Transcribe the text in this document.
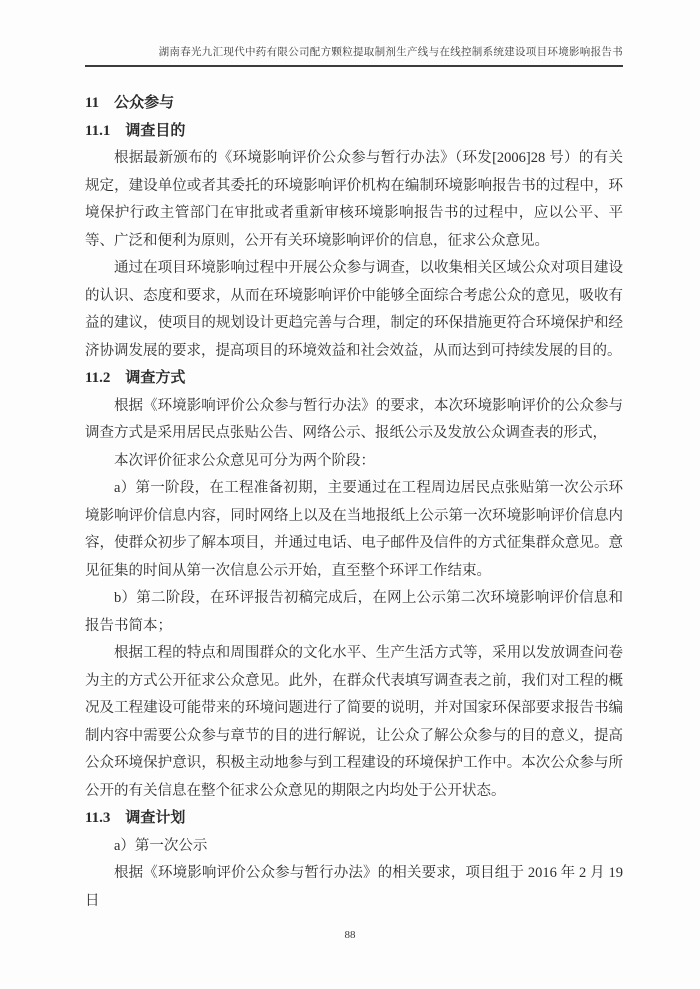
湖南春光九汇现代中药有限公司配方颗粒提取制剂生产线与在线控制系统建设项目环境影响报告书
11　公众参与
11.1　调查目的

根据最新颁布的《环境影响评价公众参与暂行办法》（环发[2006]28 号）的有关规定，建设单位或者其委托的环境影响评价机构在编制环境影响报告书的过程中，环境保护行政主管部门在审批或者重新审核环境影响报告书的过程中，应以公平、平等、广泛和便利为原则，公开有关环境影响评价的信息，征求公众意见。

通过在项目环境影响过程中开展公众参与调查，以收集相关区域公众对项目建设的认识、态度和要求，从而在环境影响评价中能够全面综合考虑公众的意见，吸收有益的建议，使项目的规划设计更趋完善与合理，制定的环保措施更符合环境保护和经济协调发展的要求，提高项目的环境效益和社会效益，从而达到可持续发展的目的。

11.2　调查方式

根据《环境影响评价公众参与暂行办法》的要求，本次环境影响评价的公众参与调查方式是采用居民点张贴公告、网络公示、报纸公示及发放公众调查表的形式，

本次评价征求公众意见可分为两个阶段：

a）第一阶段，在工程准备初期，主要通过在工程周边居民点张贴第一次公示环境影响评价信息内容，同时网络上以及在当地报纸上公示第一次环境影响评价信息内容，使群众初步了解本项目，并通过电话、电子邮件及信件的方式征集群众意见。意见征集的时间从第一次信息公示开始，直至整个环评工作结束。

b）第二阶段，在环评报告初稿完成后，在网上公示第二次环境影响评价信息和报告书简本；

根据工程的特点和周围群众的文化水平、生产生活方式等，采用以发放调查问卷为主的方式公开征求公众意见。此外，在群众代表填写调查表之前，我们对工程的概况及工程建设可能带来的环境问题进行了简要的说明，并对国家环保部要求报告书编制内容中需要公众参与章节的目的进行解说，让公众了解公众参与的目的意义，提高公众环境保护意识，积极主动地参与到工程建设的环境保护工作中。本次公众参与所公开的有关信息在整个征求公众意见的期限之内均处于公开状态。

11.3　调查计划

a）第一次公示

根据《环境影响评价公众参与暂行办法》的相关要求，项目组于 2016 年 2 月 19 日

88
